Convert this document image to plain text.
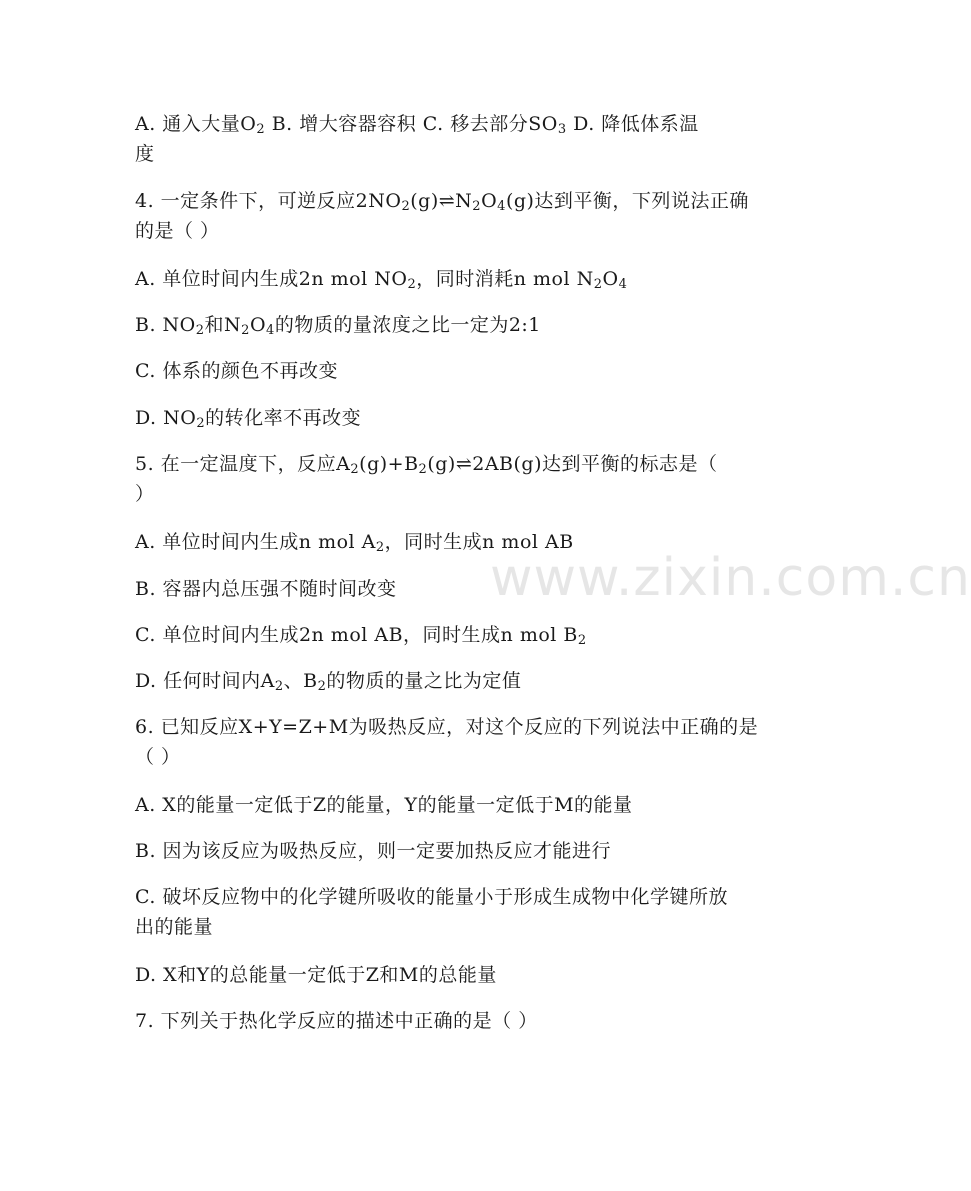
www.zixin.com.cn
A. 通入大量$O_2$ B. 增大容器容积 C. 移去部分$SO_3$ D. 降低体系温
度
4. 一定条件下，可逆反应$2NO_2(g)\rightleftharpoons N_2O_4(g)$达到平衡，下列说法正确
的是（ ）
A. 单位时间内生成2n mol $NO_2$，同时消耗n mol $N_2O_4$
B. $NO_2$和$N_2O_4$的物质的量浓度之比一定为2:1
C. 体系的颜色不再改变
D. $NO_2$的转化率不再改变
5. 在一定温度下，反应$A_2(g)+B_2(g)\rightleftharpoons 2AB(g)$达到平衡的标志是（
）
A. 单位时间内生成n mol $A_2$，同时生成n mol AB
B. 容器内总压强不随时间改变
C. 单位时间内生成2n mol AB，同时生成n mol $B_2$
D. 任何时间内$A_2$、$B_2$的物质的量之比为定值
6. 已知反应X+Y=Z+M为吸热反应，对这个反应的下列说法中正确的是
（ ）
A. X的能量一定低于Z的能量，Y的能量一定低于M的能量
B. 因为该反应为吸热反应，则一定要加热反应才能进行
C. 破坏反应物中的化学键所吸收的能量小于形成生成物中化学键所放
出的能量
D. X和Y的总能量一定低于Z和M的总能量
7. 下列关于热化学反应的描述中正确的是（ ）
